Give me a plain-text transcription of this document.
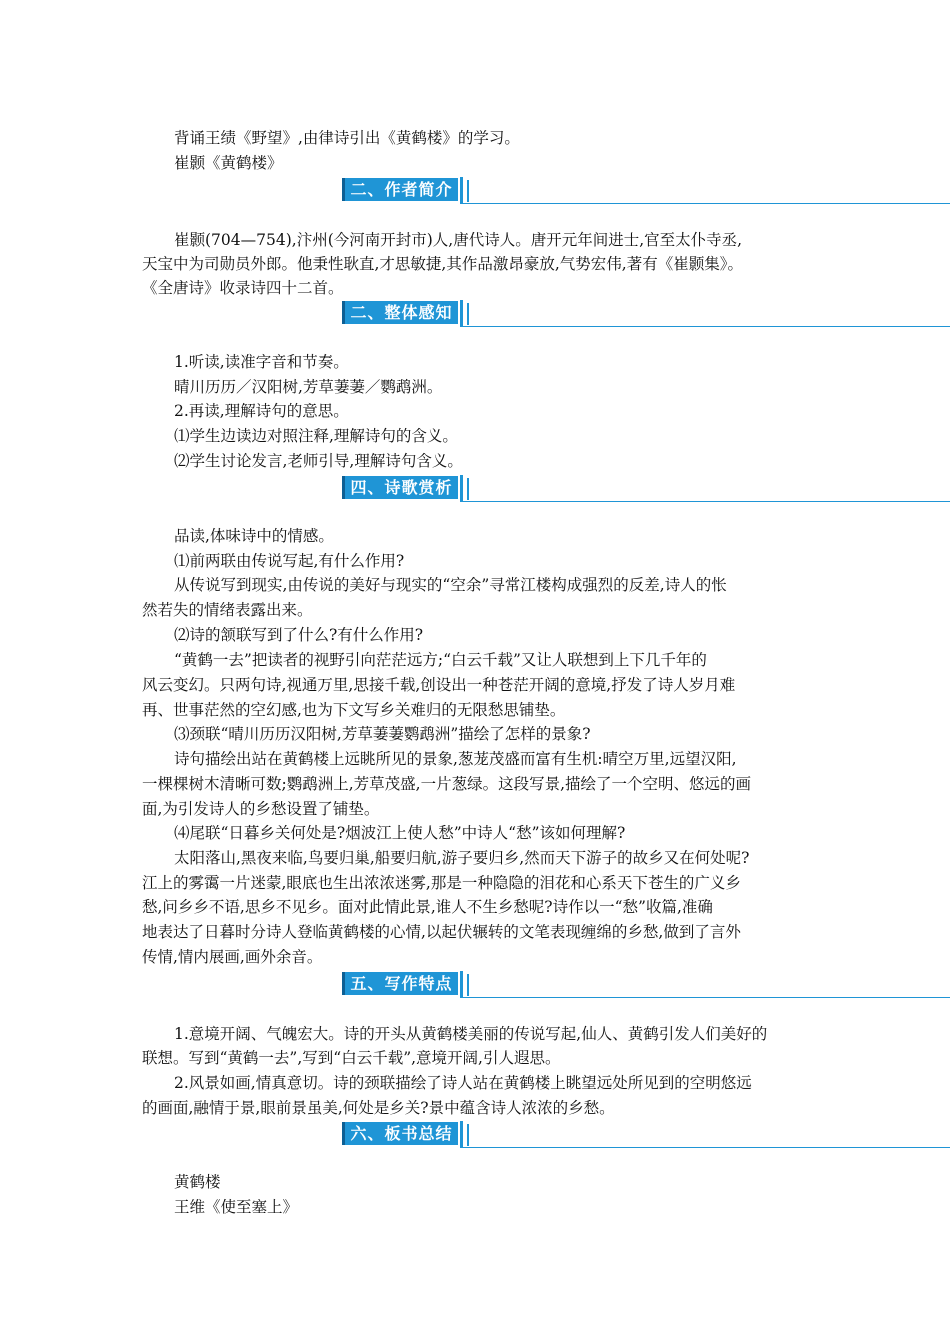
背诵王绩《野望》,由律诗引出《黄鹤楼》的学习。
崔颢《黄鹤楼》
二、作者简介
崔颢(704—754),汴州(今河南开封市)人,唐代诗人。唐开元年间进士,官至太仆寺丞,
天宝中为司勋员外郎。他秉性耿直,才思敏捷,其作品激昂豪放,气势宏伟,著有《崔颢集》。
《全唐诗》收录诗四十二首。
二、整体感知
1.听读,读准字音和节奏。
晴川历历／汉阳树,芳草萋萋／鹦鹉洲。
2.再读,理解诗句的意思。
⑴学生边读边对照注释,理解诗句的含义。
⑵学生讨论发言,老师引导,理解诗句含义。
四、诗歌赏析
品读,体味诗中的情感。
⑴前两联由传说写起,有什么作用?
从传说写到现实,由传说的美好与现实的“空余”寻常江楼构成强烈的反差,诗人的怅
然若失的情绪表露出来。
⑵诗的颔联写到了什么?有什么作用?
“黄鹤一去”把读者的视野引向茫茫远方;“白云千载”又让人联想到上下几千年的
风云变幻。只两句诗,视通万里,思接千载,创设出一种苍茫开阔的意境,抒发了诗人岁月难
再、世事茫然的空幻感,也为下文写乡关难归的无限愁思铺垫。
⑶颈联“晴川历历汉阳树,芳草萋萋鹦鹉洲”描绘了怎样的景象?
诗句描绘出站在黄鹤楼上远眺所见的景象,葱茏茂盛而富有生机:晴空万里,远望汉阳,
一棵棵树木清晰可数;鹦鹉洲上,芳草茂盛,一片葱绿。这段写景,描绘了一个空明、悠远的画
面,为引发诗人的乡愁设置了铺垫。
⑷尾联“日暮乡关何处是?烟波江上使人愁”中诗人“愁”该如何理解?
太阳落山,黑夜来临,鸟要归巢,船要归航,游子要归乡,然而天下游子的故乡又在何处呢?
江上的雾霭一片迷蒙,眼底也生出浓浓迷雾,那是一种隐隐的泪花和心系天下苍生的广义乡
愁,问乡乡不语,思乡不见乡。面对此情此景,谁人不生乡愁呢?诗作以一“愁”收篇,准确
地表达了日暮时分诗人登临黄鹤楼的心情,以起伏辗转的文笔表现缠绵的乡愁,做到了言外
传情,情内展画,画外余音。
五、写作特点
1.意境开阔、气魄宏大。诗的开头从黄鹤楼美丽的传说写起,仙人、黄鹤引发人们美好的
联想。写到“黄鹤一去”,写到“白云千载”,意境开阔,引人遐思。
2.风景如画,情真意切。诗的颈联描绘了诗人站在黄鹤楼上眺望远处所见到的空明悠远
的画面,融情于景,眼前景虽美,何处是乡关?景中蕴含诗人浓浓的乡愁。
六、板书总结
黄鹤楼
王维《使至塞上》
